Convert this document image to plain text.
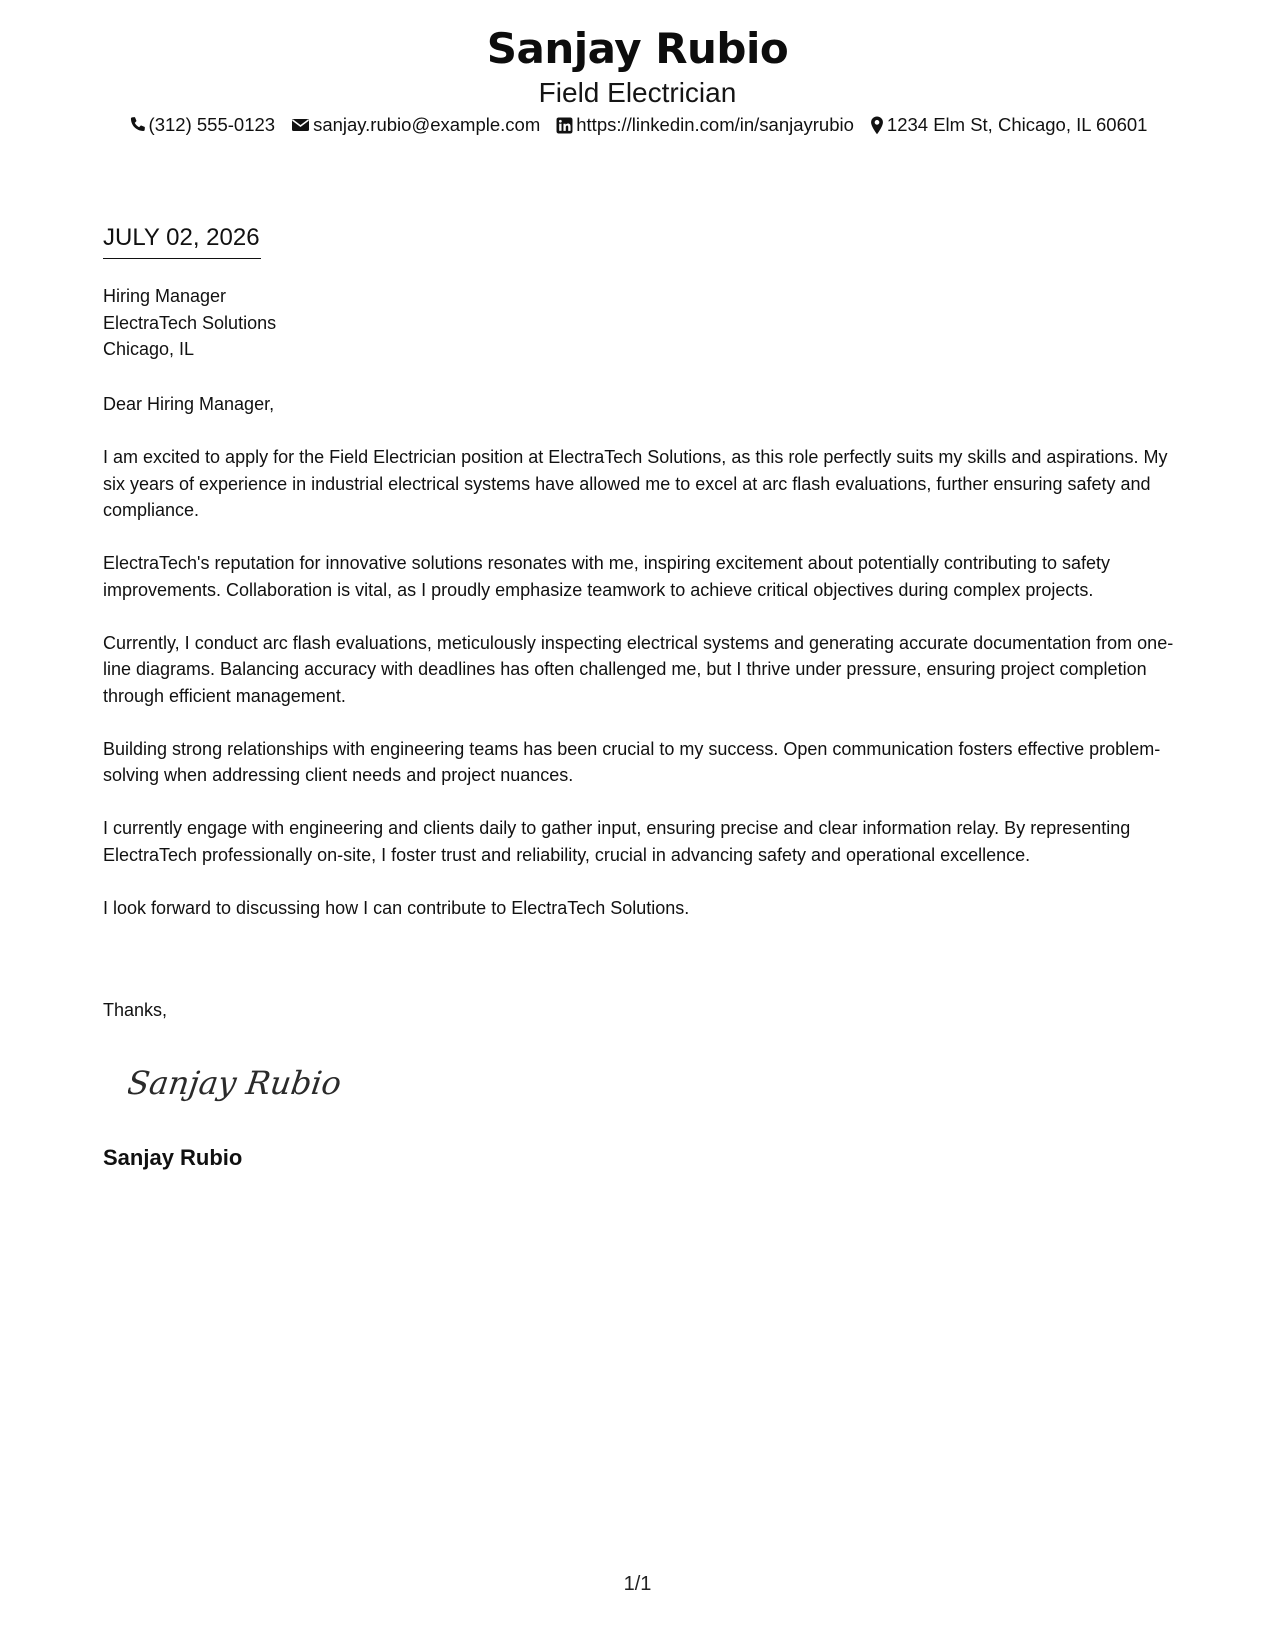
Sanjay Rubio
Field Electrician
(312) 555-0123 sanjay.rubio@example.com https://linkedin.com/in/sanjayrubio 1234 Elm St, Chicago, IL 60601
JULY 02, 2026
Hiring Manager
ElectraTech Solutions
Chicago, IL

Dear Hiring Manager,

I am excited to apply for the Field Electrician position at ElectraTech Solutions, as this role perfectly suits my skills and aspirations. My six years of experience in industrial electrical systems have allowed me to excel at arc flash evaluations, further ensuring safety and compliance.

ElectraTech's reputation for innovative solutions resonates with me, inspiring excitement about potentially contributing to safety improvements. Collaboration is vital, as I proudly emphasize teamwork to achieve critical objectives during complex projects.

Currently, I conduct arc flash evaluations, meticulously inspecting electrical systems and generating accurate documentation from one-line diagrams. Balancing accuracy with deadlines has often challenged me, but I thrive under pressure, ensuring project completion through efficient management.

Building strong relationships with engineering teams has been crucial to my success. Open communication fosters effective problem-solving when addressing client needs and project nuances.

I currently engage with engineering and clients daily to gather input, ensuring precise and clear information relay. By representing ElectraTech professionally on-site, I foster trust and reliability, crucial in advancing safety and operational excellence.

I look forward to discussing how I can contribute to ElectraTech Solutions.

Thanks,
Sanjay Rubio
Sanjay Rubio
1/1
